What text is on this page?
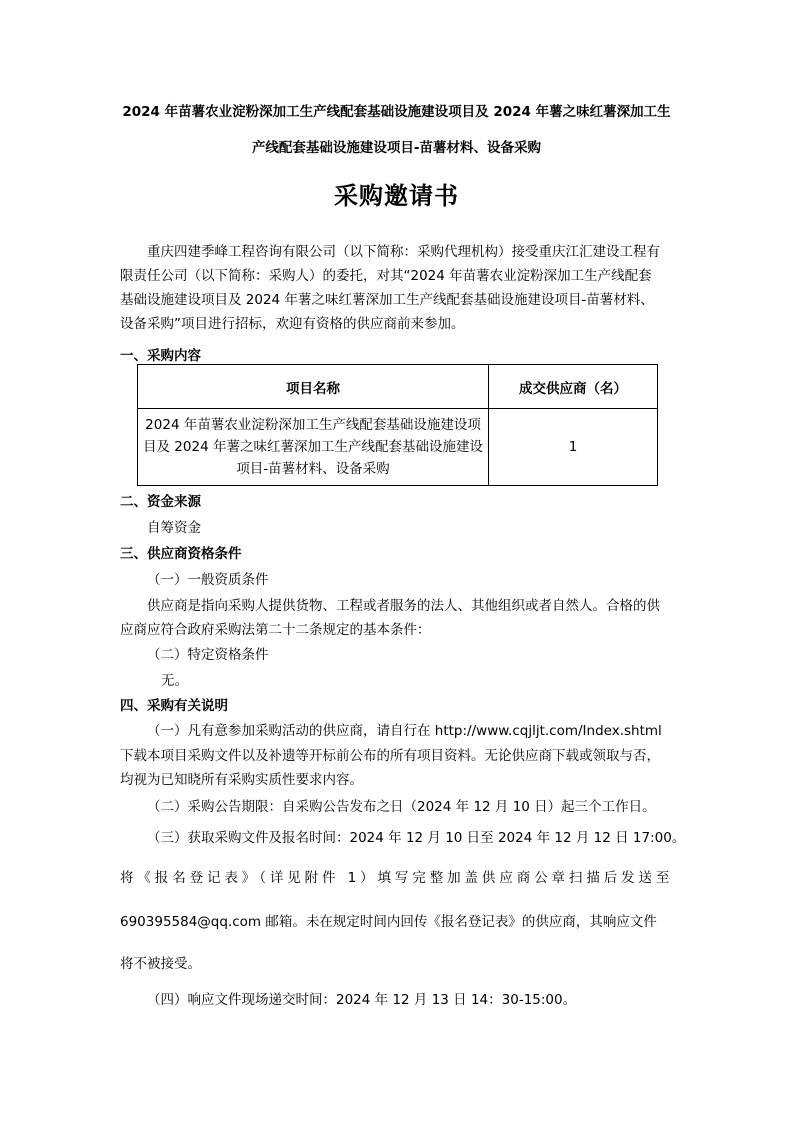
2024 年苗薯农业淀粉深加工生产线配套基础设施建设项目及 2024 年薯之味红薯深加工生
产线配套基础设施建设项目-苗薯材料、设备采购
采购邀请书
重庆四建季峰工程咨询有限公司（以下简称：采购代理机构）接受重庆江汇建设工程有
限责任公司（以下简称：采购人）的委托，对其“2024 年苗薯农业淀粉深加工生产线配套
基础设施建设项目及 2024 年薯之味红薯深加工生产线配套基础设施建设项目-苗薯材料、
设备采购”项目进行招标，欢迎有资格的供应商前来参加。
一、采购内容
项目名称	成交供应商（名）

2024 年苗薯农业淀粉深加工生产线配套基础设施建设项
目及 2024 年薯之味红薯深加工生产线配套基础设施建设
项目-苗薯材料、设备采购	1
二、资金来源
自筹资金
三、供应商资格条件
（一）一般资质条件
供应商是指向采购人提供货物、工程或者服务的法人、其他组织或者自然人。合格的供
应商应符合政府采购法第二十二条规定的基本条件：
（二）特定资格条件
无。
四、采购有关说明
（一）凡有意参加采购活动的供应商，请自行在 http://www.cqjljt.com/Index.shtml
下载本项目采购文件以及补遗等开标前公布的所有项目资料。无论供应商下载或领取与否，
均视为已知晓所有采购实质性要求内容。
（二）采购公告期限：自采购公告发布之日（2024 年 12 月 10 日）起三个工作日。
（三）获取采购文件及报名时间：2024 年 12 月 10 日至 2024 年 12 月 12 日 17:00。
将《报名登记表》（详见附件 1）填写完整加盖供应商公章扫描后发送至
690395584@qq.com 邮箱。未在规定时间内回传《报名登记表》的供应商，其响应文件
将不被接受。
（四）响应文件现场递交时间：2024 年 12 月 13 日 14：30-15:00。
